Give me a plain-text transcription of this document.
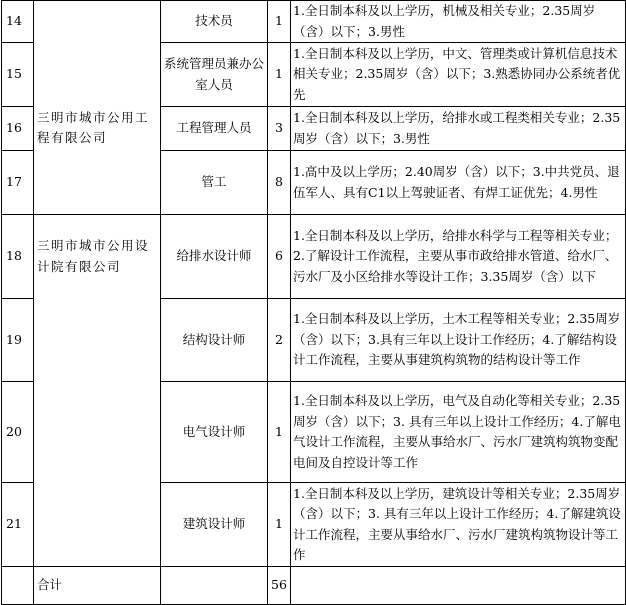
14		技术员	1	1.全日制本科及以上学历，机械及相关专业；2.35周岁（含）以下；3.男性
15	三明市城市公用工程有限公司	系统管理员兼办公室人员	1	1.全日制本科及以上学历，中文、管理类或计算机信息技术相关专业；2.35周岁（含）以下；3.熟悉协同办公系统者优先
16		工程管理人员	3	1.全日制本科及以上学历，给排水或工程类相关专业；2.35周岁（含）以下；3.男性
17		管工	8	1.高中及以上学历；2.40周岁（含）以下；3.中共党员、退伍军人、具有C1以上驾驶证者、有焊工证优先；4.男性
18	三明市城市公用设计院有限公司	给排水设计师	6	1.全日制本科及以上学历，给排水科学与工程等相关专业；2.了解设计工作流程，主要从事市政给排水管道、给水厂、污水厂及小区给排水等设计工作；3.35周岁（含）以下
19		结构设计师	2	1.全日制本科及以上学历，土木工程等相关专业；2.35周岁（含）以下；3.具有三年以上设计工作经历；4.了解结构设计工作流程，主要从事建筑构筑物的结构设计等工作
20		电气设计师	1	1.全日制本科及以上学历，电气及自动化等相关专业；2.35周岁（含）以下；3. 具有三年以上设计工作经历；4.了解电气设计工作流程，主要从事给水厂、污水厂建筑构筑物变配电间及自控设计等工作
21		建筑设计师	1	1.全日制本科及以上学历，建筑设计等相关专业；2.35周岁（含）以下；3. 具有三年以上设计工作经历；4.了解建筑设计工作流程，主要从事给水厂、污水厂建筑构筑物设计等工作
	合计		56	
